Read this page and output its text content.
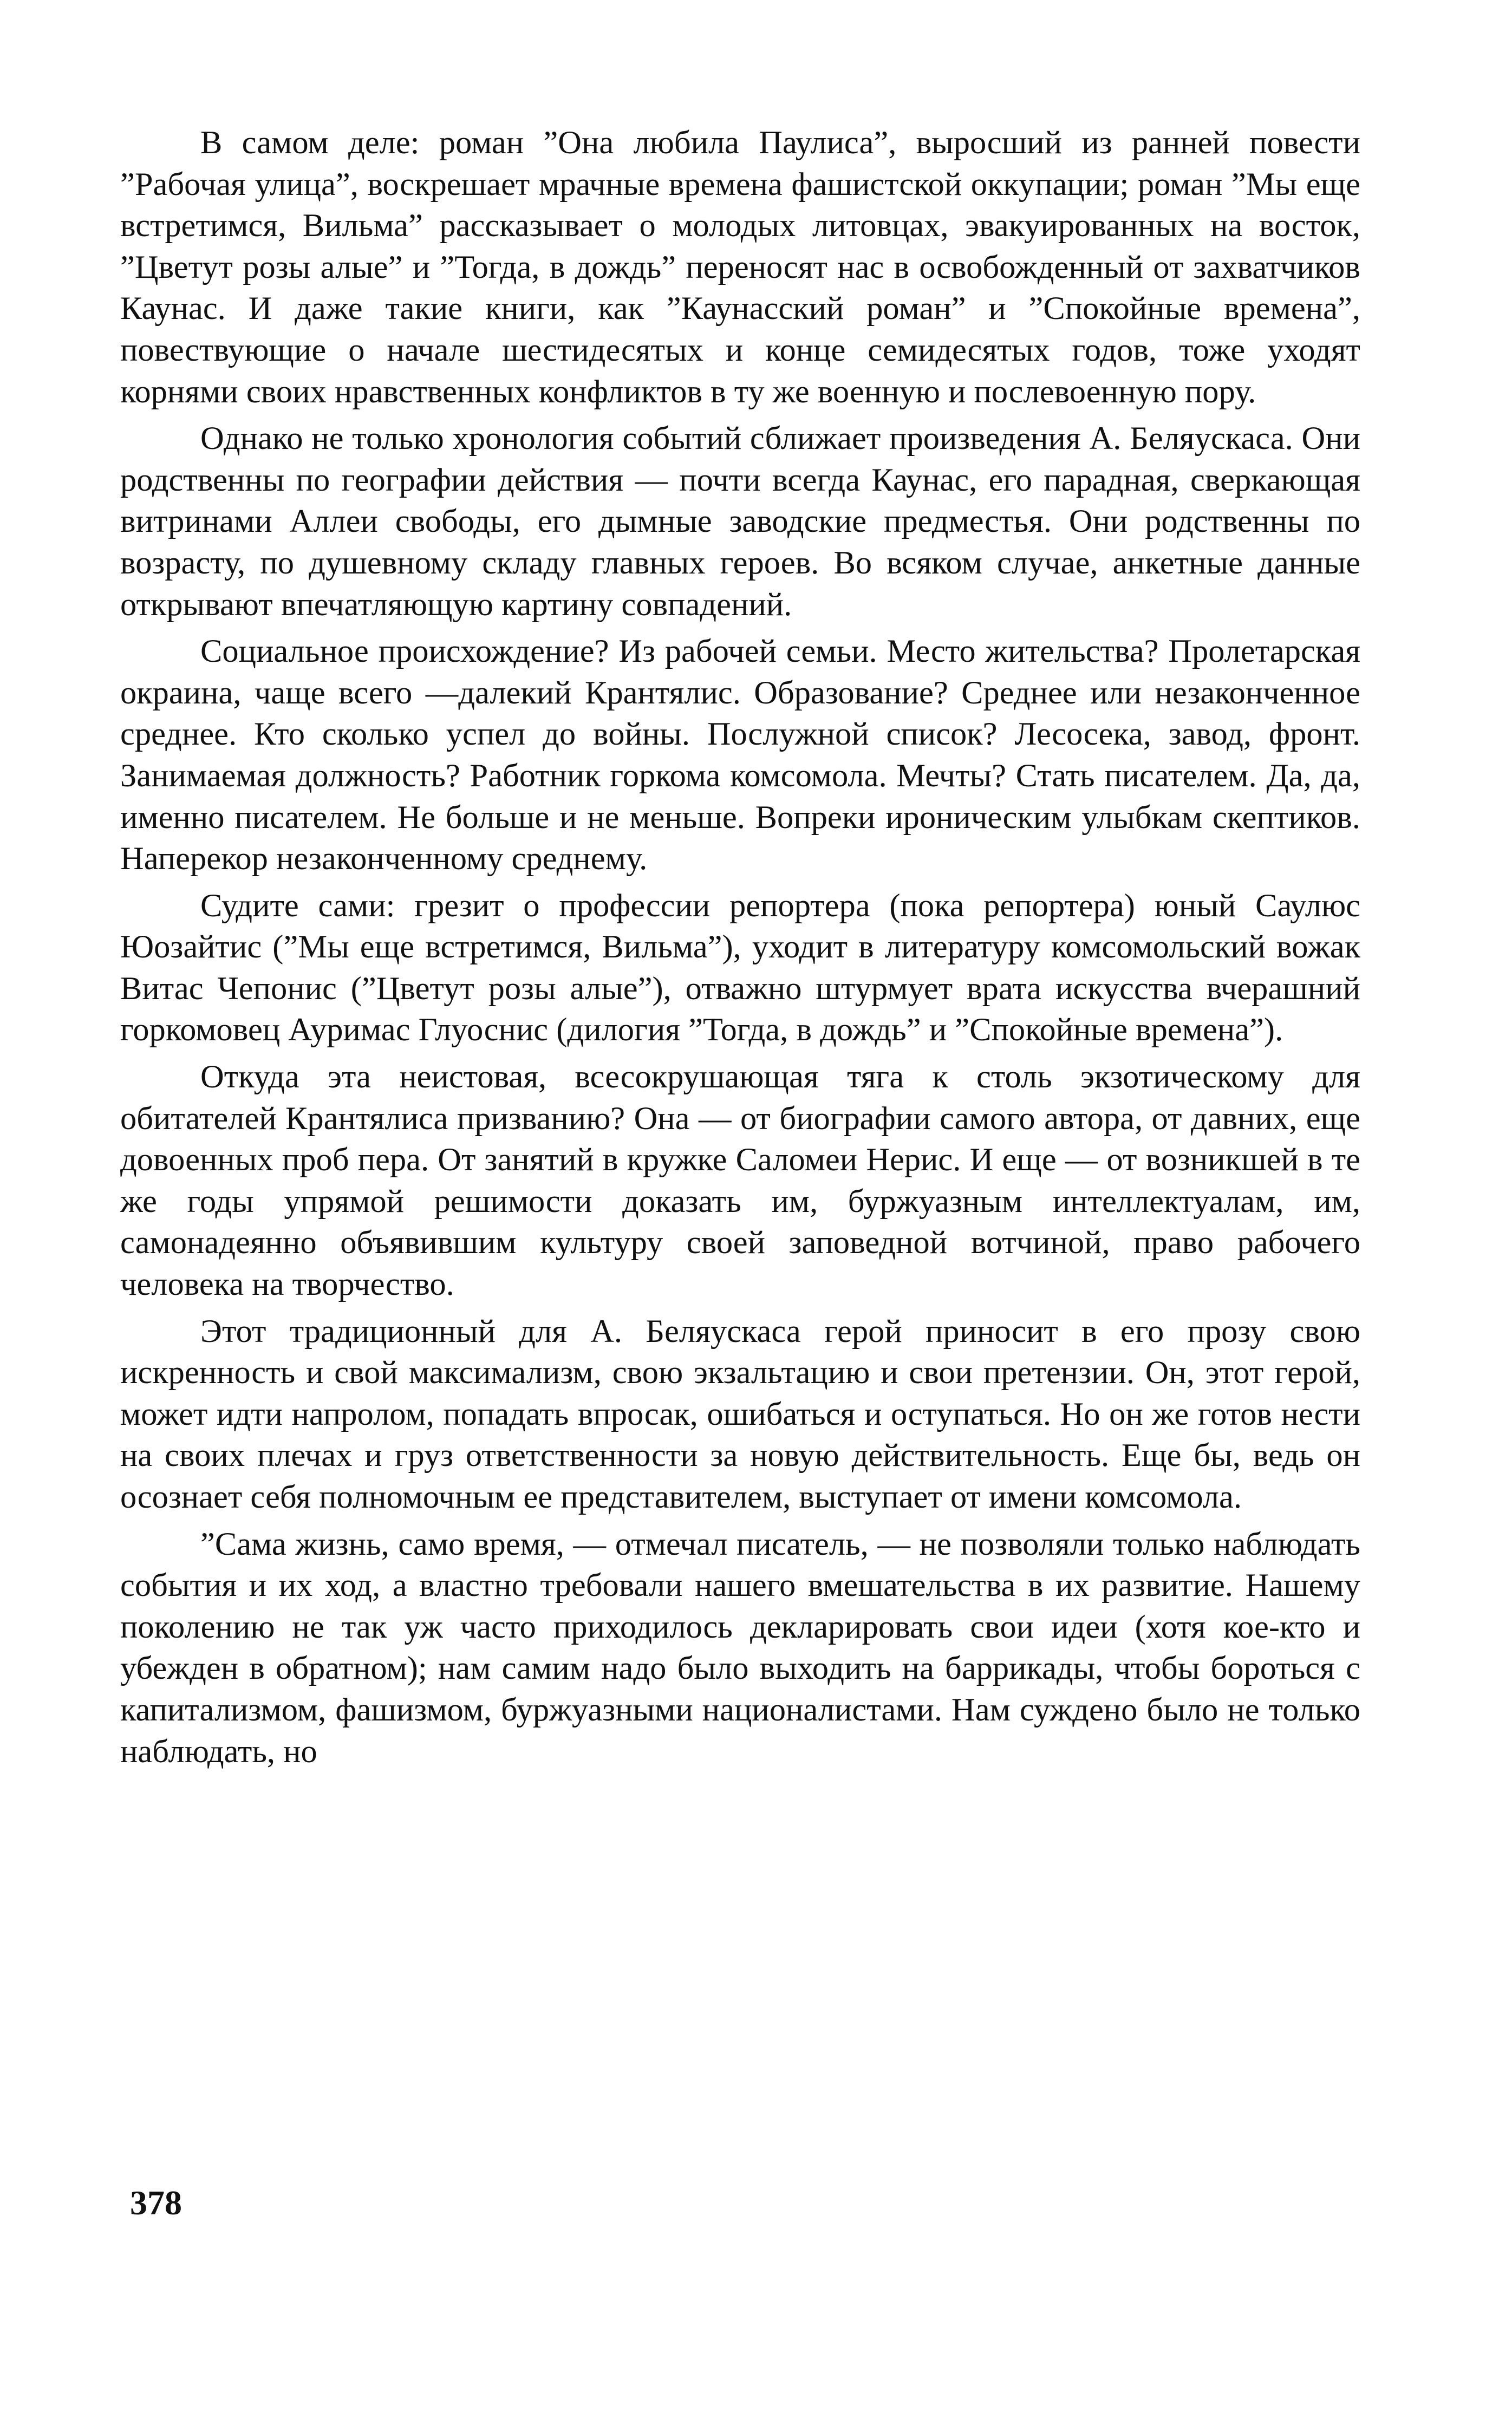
В самом деле: роман ”Она любила Паулиса”, выросший из ранней повести ”Рабочая улица”, воскрешает мрачные времена фашистской оккупации; роман ”Мы еще встретимся, Вильма” рассказывает о молодых литовцах, эвакуированных на восток, ”Цветут розы алые” и ”Тогда, в дождь” переносят нас в освобожденный от захватчиков Каунас. И даже такие книги, как ”Каунасский роман” и ”Спокойные времена”, повествующие о начале шестидесятых и конце семидесятых годов, тоже уходят корнями своих нравственных конфликтов в ту же военную и послевоенную пору.

Однако не только хронология событий сближает произведения А. Беляускаса. Они родственны по географии действия — почти всегда Каунас, его парадная, сверкающая витринами Аллеи свободы, его дымные заводские предместья. Они родственны по возрасту, по душевному складу главных героев. Во всяком случае, анкетные данные открывают впечатляющую картину совпадений.

Социальное происхождение? Из рабочей семьи. Место жительства? Пролетарская окраина, чаще всего —далекий Крантялис. Образование? Среднее или незаконченное среднее. Кто сколько успел до войны. Послужной список? Лесосека, завод, фронт. Занимаемая должность? Работник горкома комсомола. Мечты? Стать писателем. Да, да, именно писателем. Не больше и не меньше. Вопреки ироническим улыбкам скептиков. Наперекор незаконченному среднему.

Судите сами: грезит о профессии репортера (пока репортера) юный Саулюс Юозайтис (”Мы еще встретимся, Вильма”), уходит в литературу комсомольский вожак Витас Чепонис (”Цветут розы алые”), отважно штурмует врата искусства вчерашний горкомовец Ауримас Глуоснис (дилогия ”Тогда, в дождь” и ”Спокойные времена”).

Откуда эта неистовая, всесокрушающая тяга к столь экзотическому для обитателей Крантялиса призванию? Она — от биографии самого автора, от давних, еще довоенных проб пера. От занятий в кружке Саломеи Нерис. И еще — от возникшей в те же годы упрямой решимости доказать им, буржуазным интеллектуалам, им, самонадеянно объявившим культуру своей заповедной вотчиной, право рабочего человека на творчество.

Этот традиционный для А. Беляускаса герой приносит в его прозу свою искренность и свой максимализм, свою экзальтацию и свои претензии. Он, этот герой, может идти напролом, попадать впросак, ошибаться и оступаться. Но он же готов нести на своих плечах и груз ответственности за новую действительность. Еще бы, ведь он осознает себя полномочным ее представителем, выступает от имени комсомола.

”Сама жизнь, само время, — отмечал писатель, — не позволяли только наблюдать события и их ход, а властно требовали нашего вмешательства в их развитие. Нашему поколению не так уж часто приходилось декларировать свои идеи (хотя кое-кто и убежден в обратном); нам самим надо было выходить на баррикады, чтобы бороться с капитализмом, фашизмом, буржуазными националистами. Нам суждено было не только наблюдать, но

378
